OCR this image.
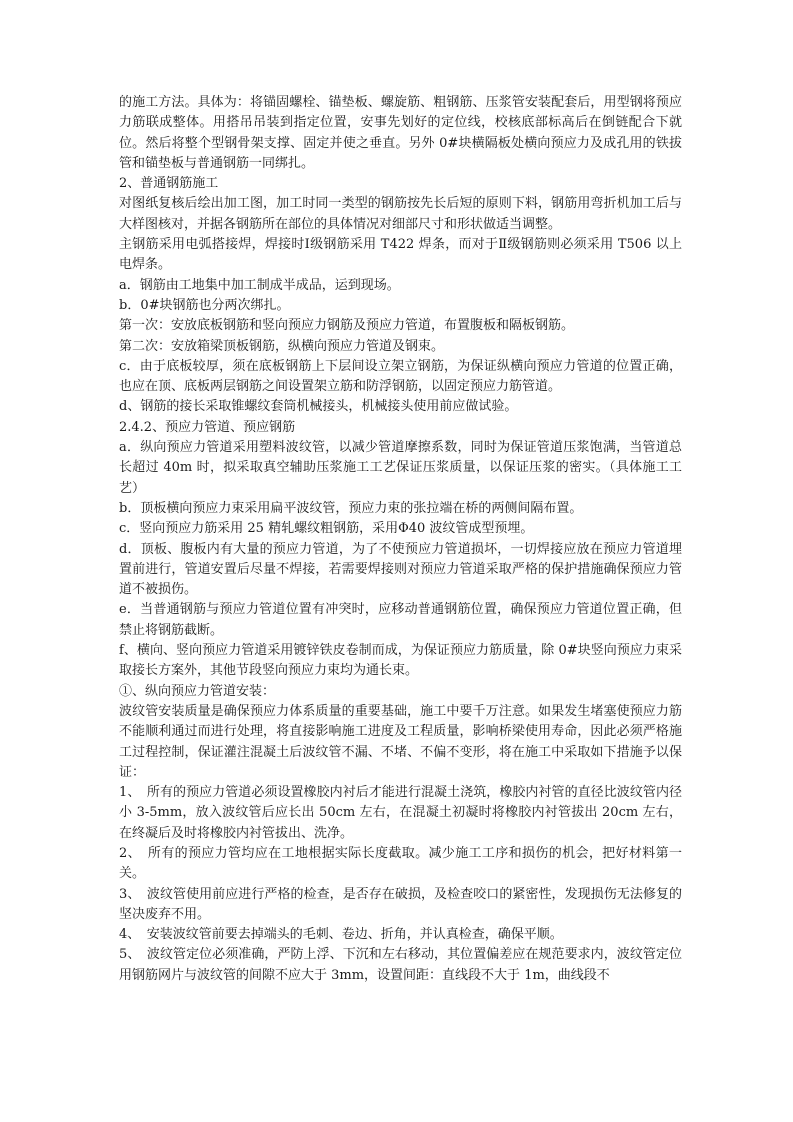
的施工方法。具体为：将锚固螺栓、锚垫板、螺旋筋、粗钢筋、压浆管安装配套后，用型钢将预应力筋联成整体。用搭吊吊装到指定位置，安事先划好的定位线，校核底部标高后在倒链配合下就位。然后将整个型钢骨架支撑、固定并使之垂直。另外 0#块横隔板处横向预应力及成孔用的铁拔管和锚垫板与普通钢筋一同绑扎。

2、普通钢筋施工

对图纸复核后绘出加工图，加工时同一类型的钢筋按先长后短的原则下料，钢筋用弯折机加工后与大样图核对，并据各钢筋所在部位的具体情况对细部尺寸和形状做适当调整。

主钢筋采用电弧搭接焊，焊接时Ⅰ级钢筋采用 T422 焊条，而对于Ⅱ级钢筋则必须采用 T506 以上电焊条。

a．钢筋由工地集中加工制成半成品，运到现场。

b．0#块钢筋也分两次绑扎。

第一次：安放底板钢筋和竖向预应力钢筋及预应力管道，布置腹板和隔板钢筋。

第二次：安放箱梁顶板钢筋，纵横向预应力管道及钢束。

c．由于底板较厚，须在底板钢筋上下层间设立架立钢筋，为保证纵横向预应力管道的位置正确，也应在顶、底板两层钢筋之间设置架立筋和防浮钢筋，以固定预应力筋管道。

d、钢筋的接长采取锥螺纹套筒机械接头，机械接头使用前应做试验。

2.4.2、预应力管道、预应钢筋

a．纵向预应力管道采用塑料波纹管，以减少管道摩擦系数，同时为保证管道压浆饱满，当管道总长超过 40m 时，拟采取真空辅助压浆施工工艺保证压浆质量，以保证压浆的密实。（具体施工工艺）

b．顶板横向预应力束采用扁平波纹管，预应力束的张拉端在桥的两侧间隔布置。

c．竖向预应力筋采用 25 精轧螺纹粗钢筋，采用Φ40 波纹管成型预埋。

d．顶板、腹板内有大量的预应力管道，为了不使预应力管道损坏，一切焊接应放在预应力管道埋置前进行，管道安置后尽量不焊接，若需要焊接则对预应力管道采取严格的保护措施确保预应力管道不被损伤。

e．当普通钢筋与预应力管道位置有冲突时，应移动普通钢筋位置，确保预应力管道位置正确，但禁止将钢筋截断。

f、横向、竖向预应力管道采用镀锌铁皮卷制而成，为保证预应力筋质量，除 0#块竖向预应力束采取接长方案外，其他节段竖向预应力束均为通长束。

①、纵向预应力管道安装：

波纹管安装质量是确保预应力体系质量的重要基础，施工中要千万注意。如果发生堵塞使预应力筋不能顺利通过而进行处理，将直接影响施工进度及工程质量，影响桥梁使用寿命，因此必须严格施工过程控制，保证灌注混凝土后波纹管不漏、不堵、不偏不变形，将在施工中采取如下措施予以保证：

1、　所有的预应力管道必须设置橡胶内衬后才能进行混凝土浇筑，橡胶内衬管的直径比波纹管内径小 3-5mm，放入波纹管后应长出 50cm 左右，在混凝土初凝时将橡胶内衬管拔出 20cm 左右，在终凝后及时将橡胶内衬管拔出、洗净。

2、　所有的预应力管均应在工地根据实际长度截取。减少施工工序和损伤的机会，把好材料第一关。

3、　波纹管使用前应进行严格的检查，是否存在破损，及检查咬口的紧密性，发现损伤无法修复的坚决废弃不用。

4、　安装波纹管前要去掉端头的毛刺、卷边、折角，并认真检查，确保平顺。

5、　波纹管定位必须准确，严防上浮、下沉和左右移动，其位置偏差应在规范要求内，波纹管定位用钢筋网片与波纹管的间隙不应大于 3mm，设置间距：直线段不大于 1m，曲线段不
